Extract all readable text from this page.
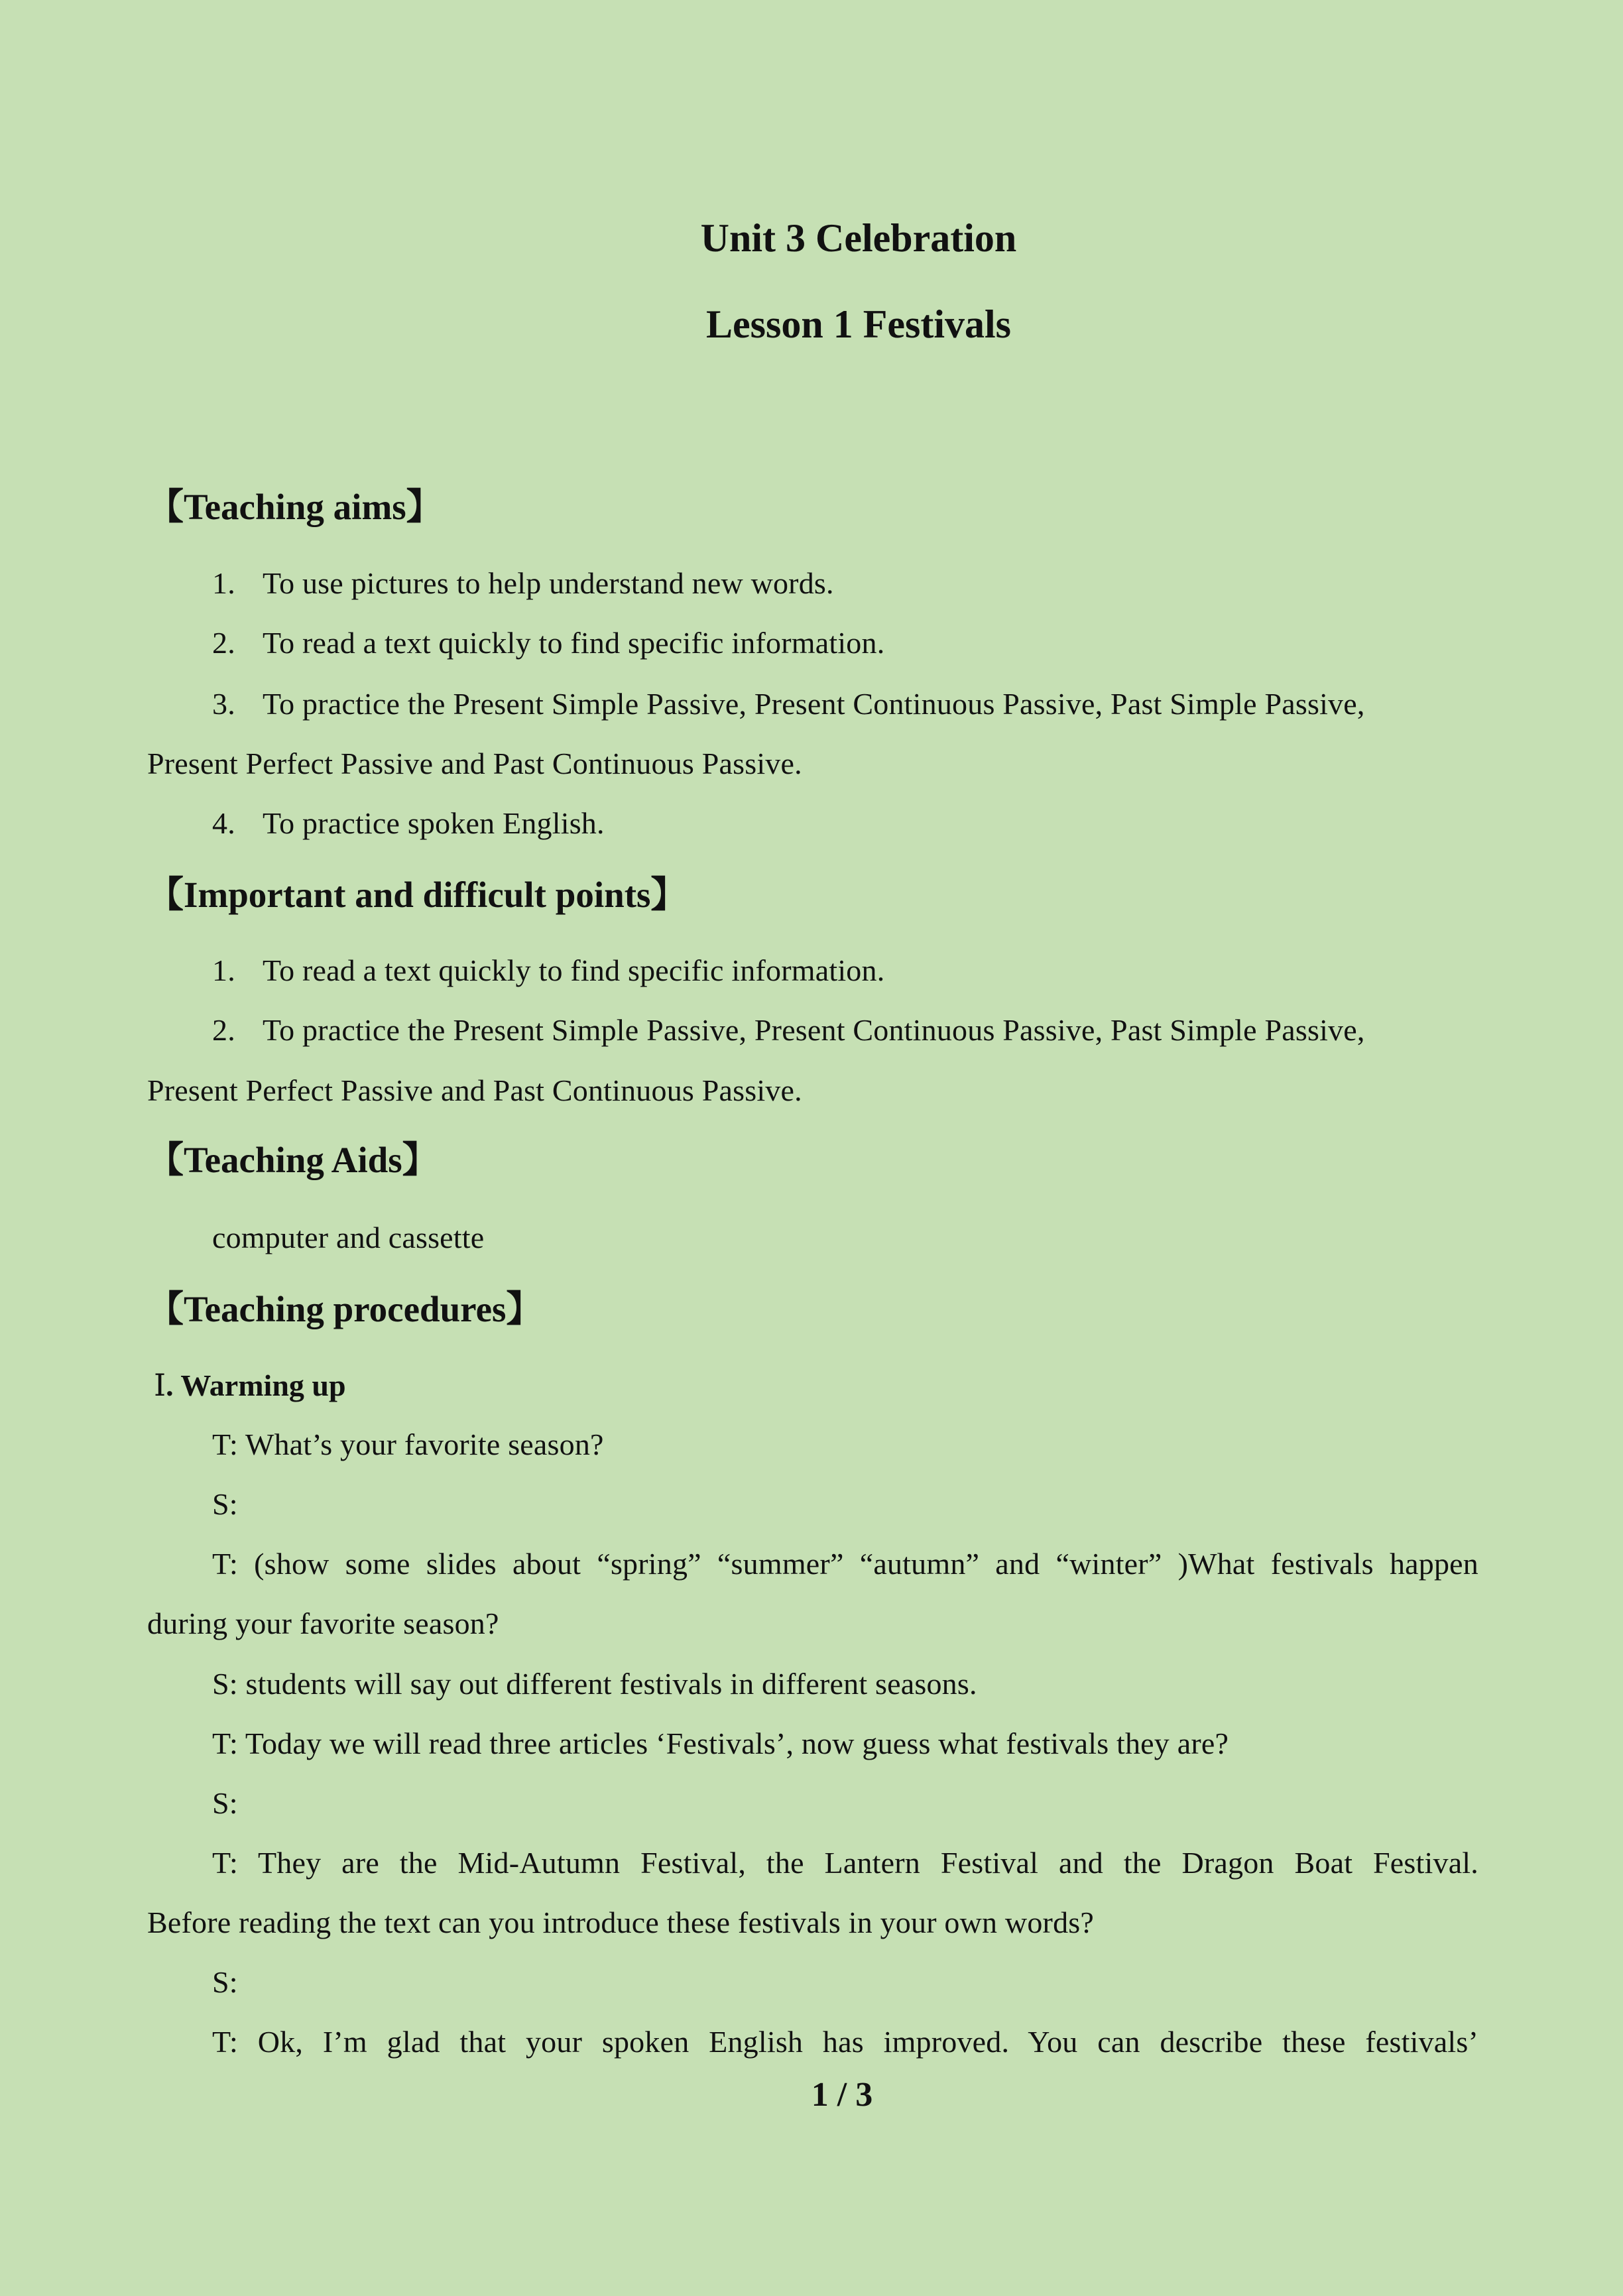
Unit 3 Celebration
Lesson 1 Festivals
【Teaching aims】
1. To use pictures to help understand new words.
2. To read a text quickly to find specific information.
3. To practice the Present Simple Passive, Present Continuous Passive, Past Simple Passive,
Present Perfect Passive and Past Continuous Passive.
4. To practice spoken English.
【Important and difficult points】
1. To read a text quickly to find specific information.
2. To practice the Present Simple Passive, Present Continuous Passive, Past Simple Passive,
Present Perfect Passive and Past Continuous Passive.
【Teaching Aids】
computer and cassette
【Teaching procedures】
Ⅰ. Warming up
T: What’s your favorite season?
S:
T: (show some slides about “spring” “summer” “autumn” and “winter” )What festivals happen
during your favorite season?
S: students will say out different festivals in different seasons.
T: Today we will read three articles ‘Festivals’, now guess what festivals they are?
S:
T: They are the Mid-Autumn Festival, the Lantern Festival and the Dragon Boat Festival.
Before reading the text can you introduce these festivals in your own words?
S:
T: Ok, I’m glad that your spoken English has improved. You can describe these festivals’
1 / 3
